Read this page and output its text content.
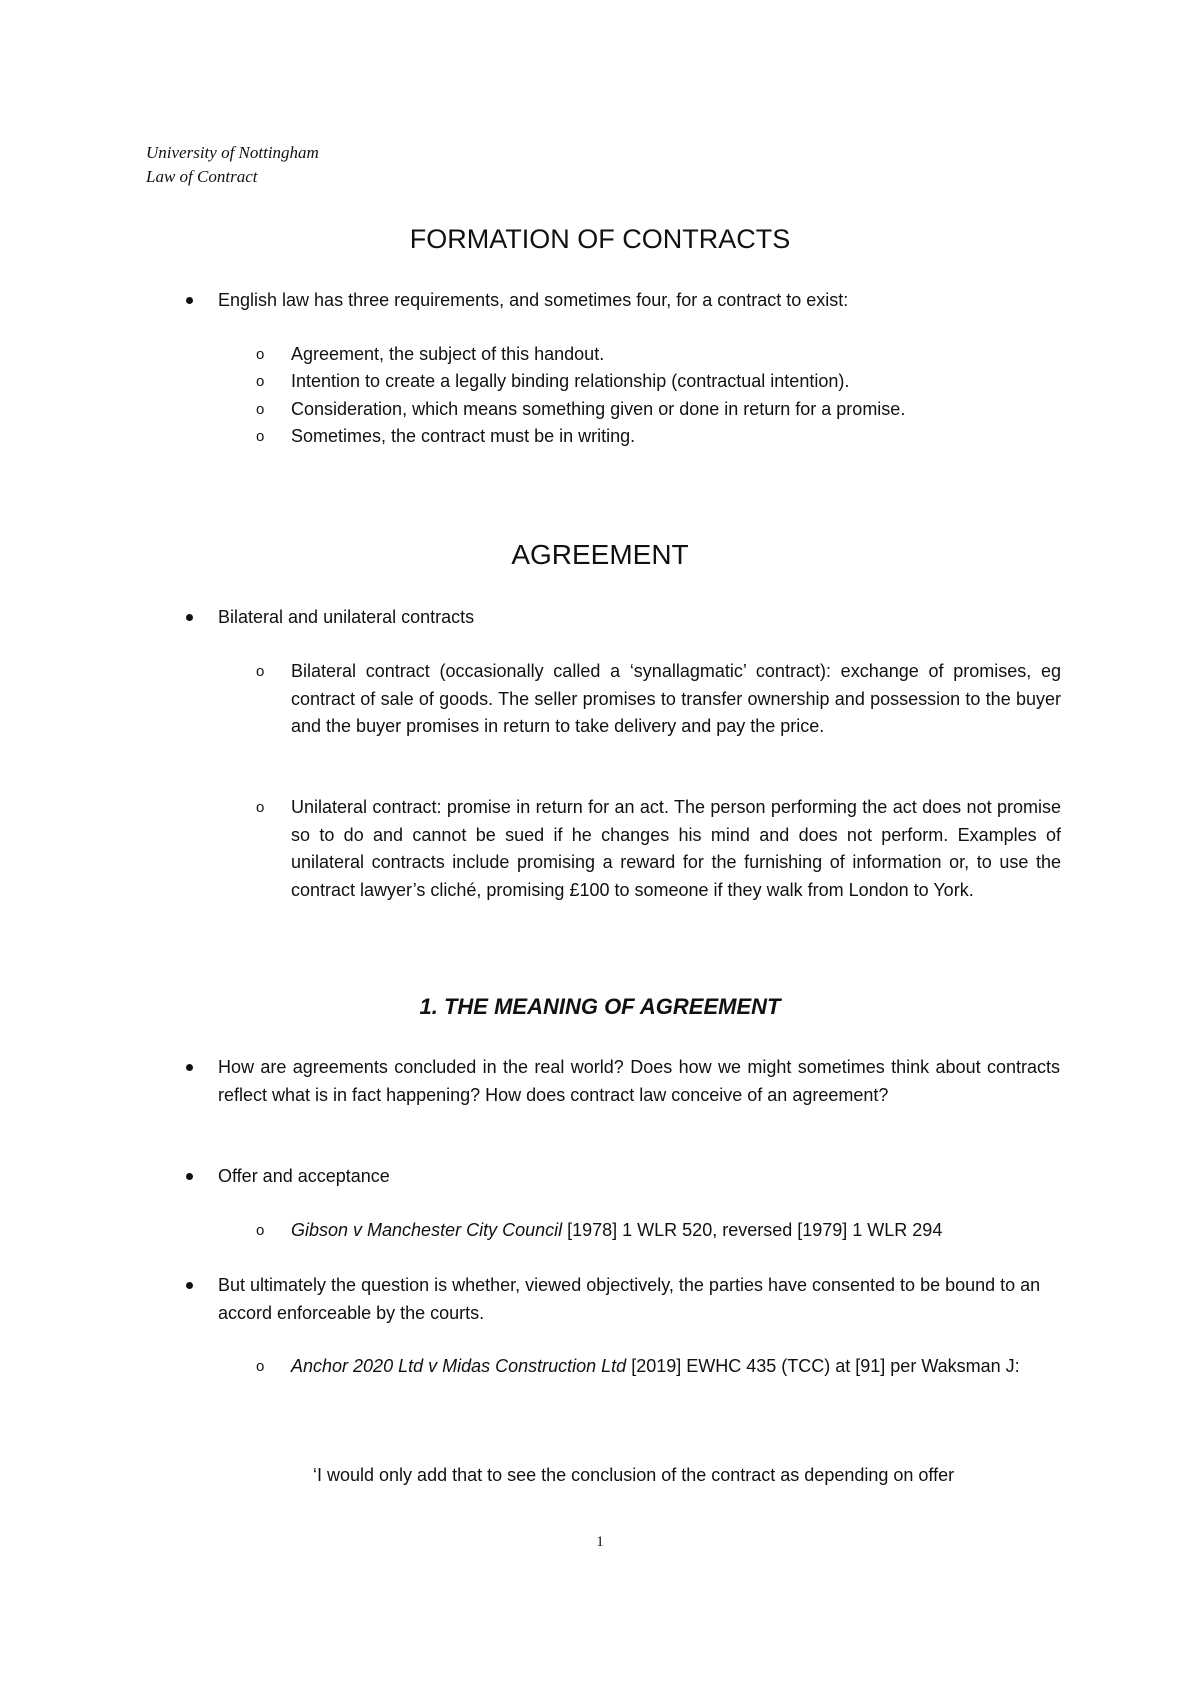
University of Nottingham
Law of Contract
FORMATION OF CONTRACTS
English law has three requirements, and sometimes four, for a contract to exist:
o Agreement, the subject of this handout.
o Intention to create a legally binding relationship (contractual intention).
o Consideration, which means something given or done in return for a promise.
o Sometimes, the contract must be in writing.
AGREEMENT
Bilateral and unilateral contracts
o Bilateral contract (occasionally called a ‘synallagmatic’ contract): exchange of promises, eg contract of sale of goods. The seller promises to transfer ownership and possession to the buyer and the buyer promises in return to take delivery and pay the price.
o Unilateral contract: promise in return for an act. The person performing the act does not promise so to do and cannot be sued if he changes his mind and does not perform. Examples of unilateral contracts include promising a reward for the furnishing of information or, to use the contract lawyer’s cliché, promising £100 to someone if they walk from London to York.
1. THE MEANING OF AGREEMENT
How are agreements concluded in the real world? Does how we might sometimes think about contracts reflect what is in fact happening? How does contract law conceive of an agreement?
Offer and acceptance
o Gibson v Manchester City Council [1978] 1 WLR 520, reversed [1979] 1 WLR 294
But ultimately the question is whether, viewed objectively, the parties have consented to be bound to an accord enforceable by the courts.
o Anchor 2020 Ltd v Midas Construction Ltd [2019] EWHC 435 (TCC) at [91] per Waksman J:
‘I would only add that to see the conclusion of the contract as depending on offer
1
